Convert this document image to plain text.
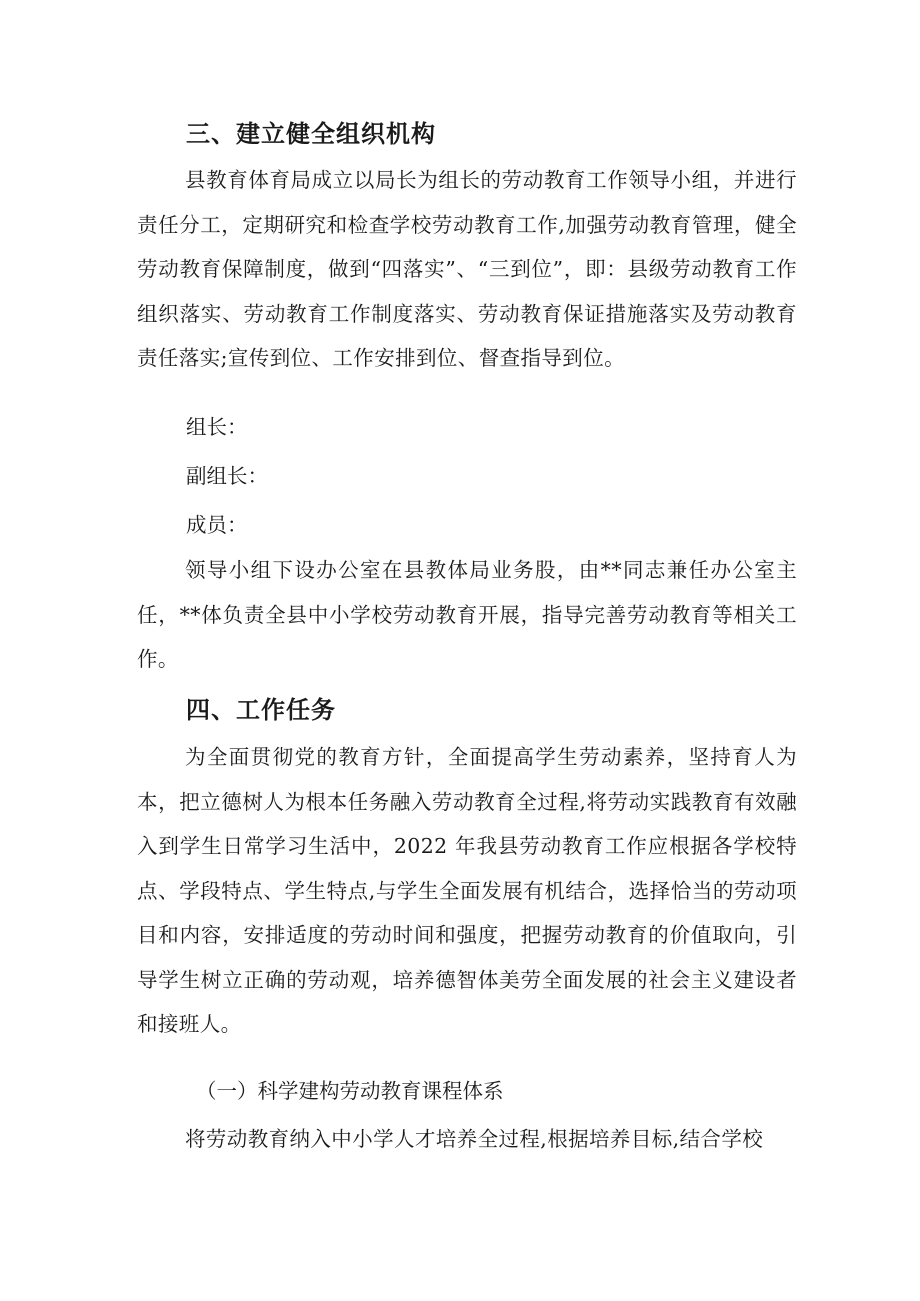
三、建立健全组织机构

县教育体育局成立以局长为组长的劳动教育工作领导小组，并进行责任分工，定期研究和检查学校劳动教育工作,加强劳动教育管理，健全劳动教育保障制度，做到“四落实”、“三到位”，即：县级劳动教育工作组织落实、劳动教育工作制度落实、劳动教育保证措施落实及劳动教育责任落实;宣传到位、工作安排到位、督查指导到位。

组长：

副组长：

成员：

领导小组下设办公室在县教体局业务股，由**同志兼任办公室主任，**体负责全县中小学校劳动教育开展，指导完善劳动教育等相关工作。

四、工作任务

为全面贯彻党的教育方针，全面提高学生劳动素养，坚持育人为本，把立德树人为根本任务融入劳动教育全过程,将劳动实践教育有效融入到学生日常学习生活中，2022 年我县劳动教育工作应根据各学校特点、学段特点、学生特点,与学生全面发展有机结合，选择恰当的劳动项目和内容，安排适度的劳动时间和强度，把握劳动教育的价值取向，引导学生树立正确的劳动观，培养德智体美劳全面发展的社会主义建设者和接班人。

（一）科学建构劳动教育课程体系

将劳动教育纳入中小学人才培养全过程,根据培养目标,结合学校
